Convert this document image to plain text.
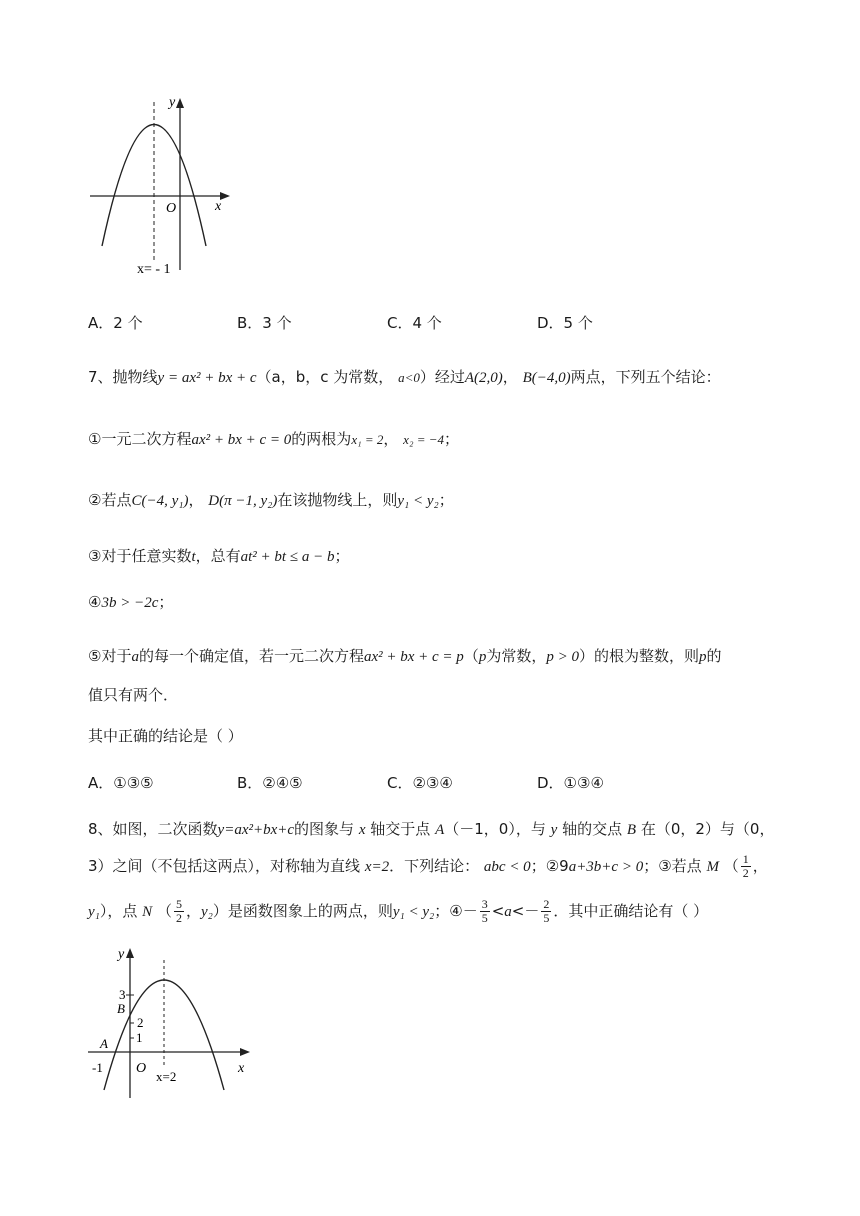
y
x
O
x= - 1
A．2 个	B．3 个	C．4 个	D．5 个
7、抛物线y = ax² + bx + c（a，b，c 为常数， a<0）经过A(2,0)， B(−4,0)两点，下列五个结论：
①一元二次方程ax² + bx + c = 0的两根为x₁ = 2， x₂ = −4；
②若点C(−4, y₁)， D(π −1, y₂)在该抛物线上，则y₁ < y₂；
③对于任意实数t，总有at² + bt ≤ a − b；
④3b > −2c；
⑤对于a的每一个确定值，若一元二次方程ax² + bx + c = p（p为常数，p > 0）的根为整数，则p的
值只有两个．
其中正确的结论是（ ）
A．①③⑤	B．②④⑤	C．②③④	D．①③④
8、如图，二次函数y=ax²+bx+c的图象与 x 轴交于点 A（－1，0），与 y 轴的交点 B 在（0，2）与（0，
3）之间（不包括这两点），对称轴为直线 x=2．下列结论： abc < 0；②9a+3b+c > 0；③若点 M （ $\frac{1}{2}$ ，
y₁），点 N （ $\frac{5}{2}$ ，y₂）是函数图象上的两点，则y₁ < y₂；④－ $\frac{3}{5} <a<- \frac{2}{5}$ ．其中正确结论有（ ）
y
x
O
A
B
3
2
1
-1
x=2
